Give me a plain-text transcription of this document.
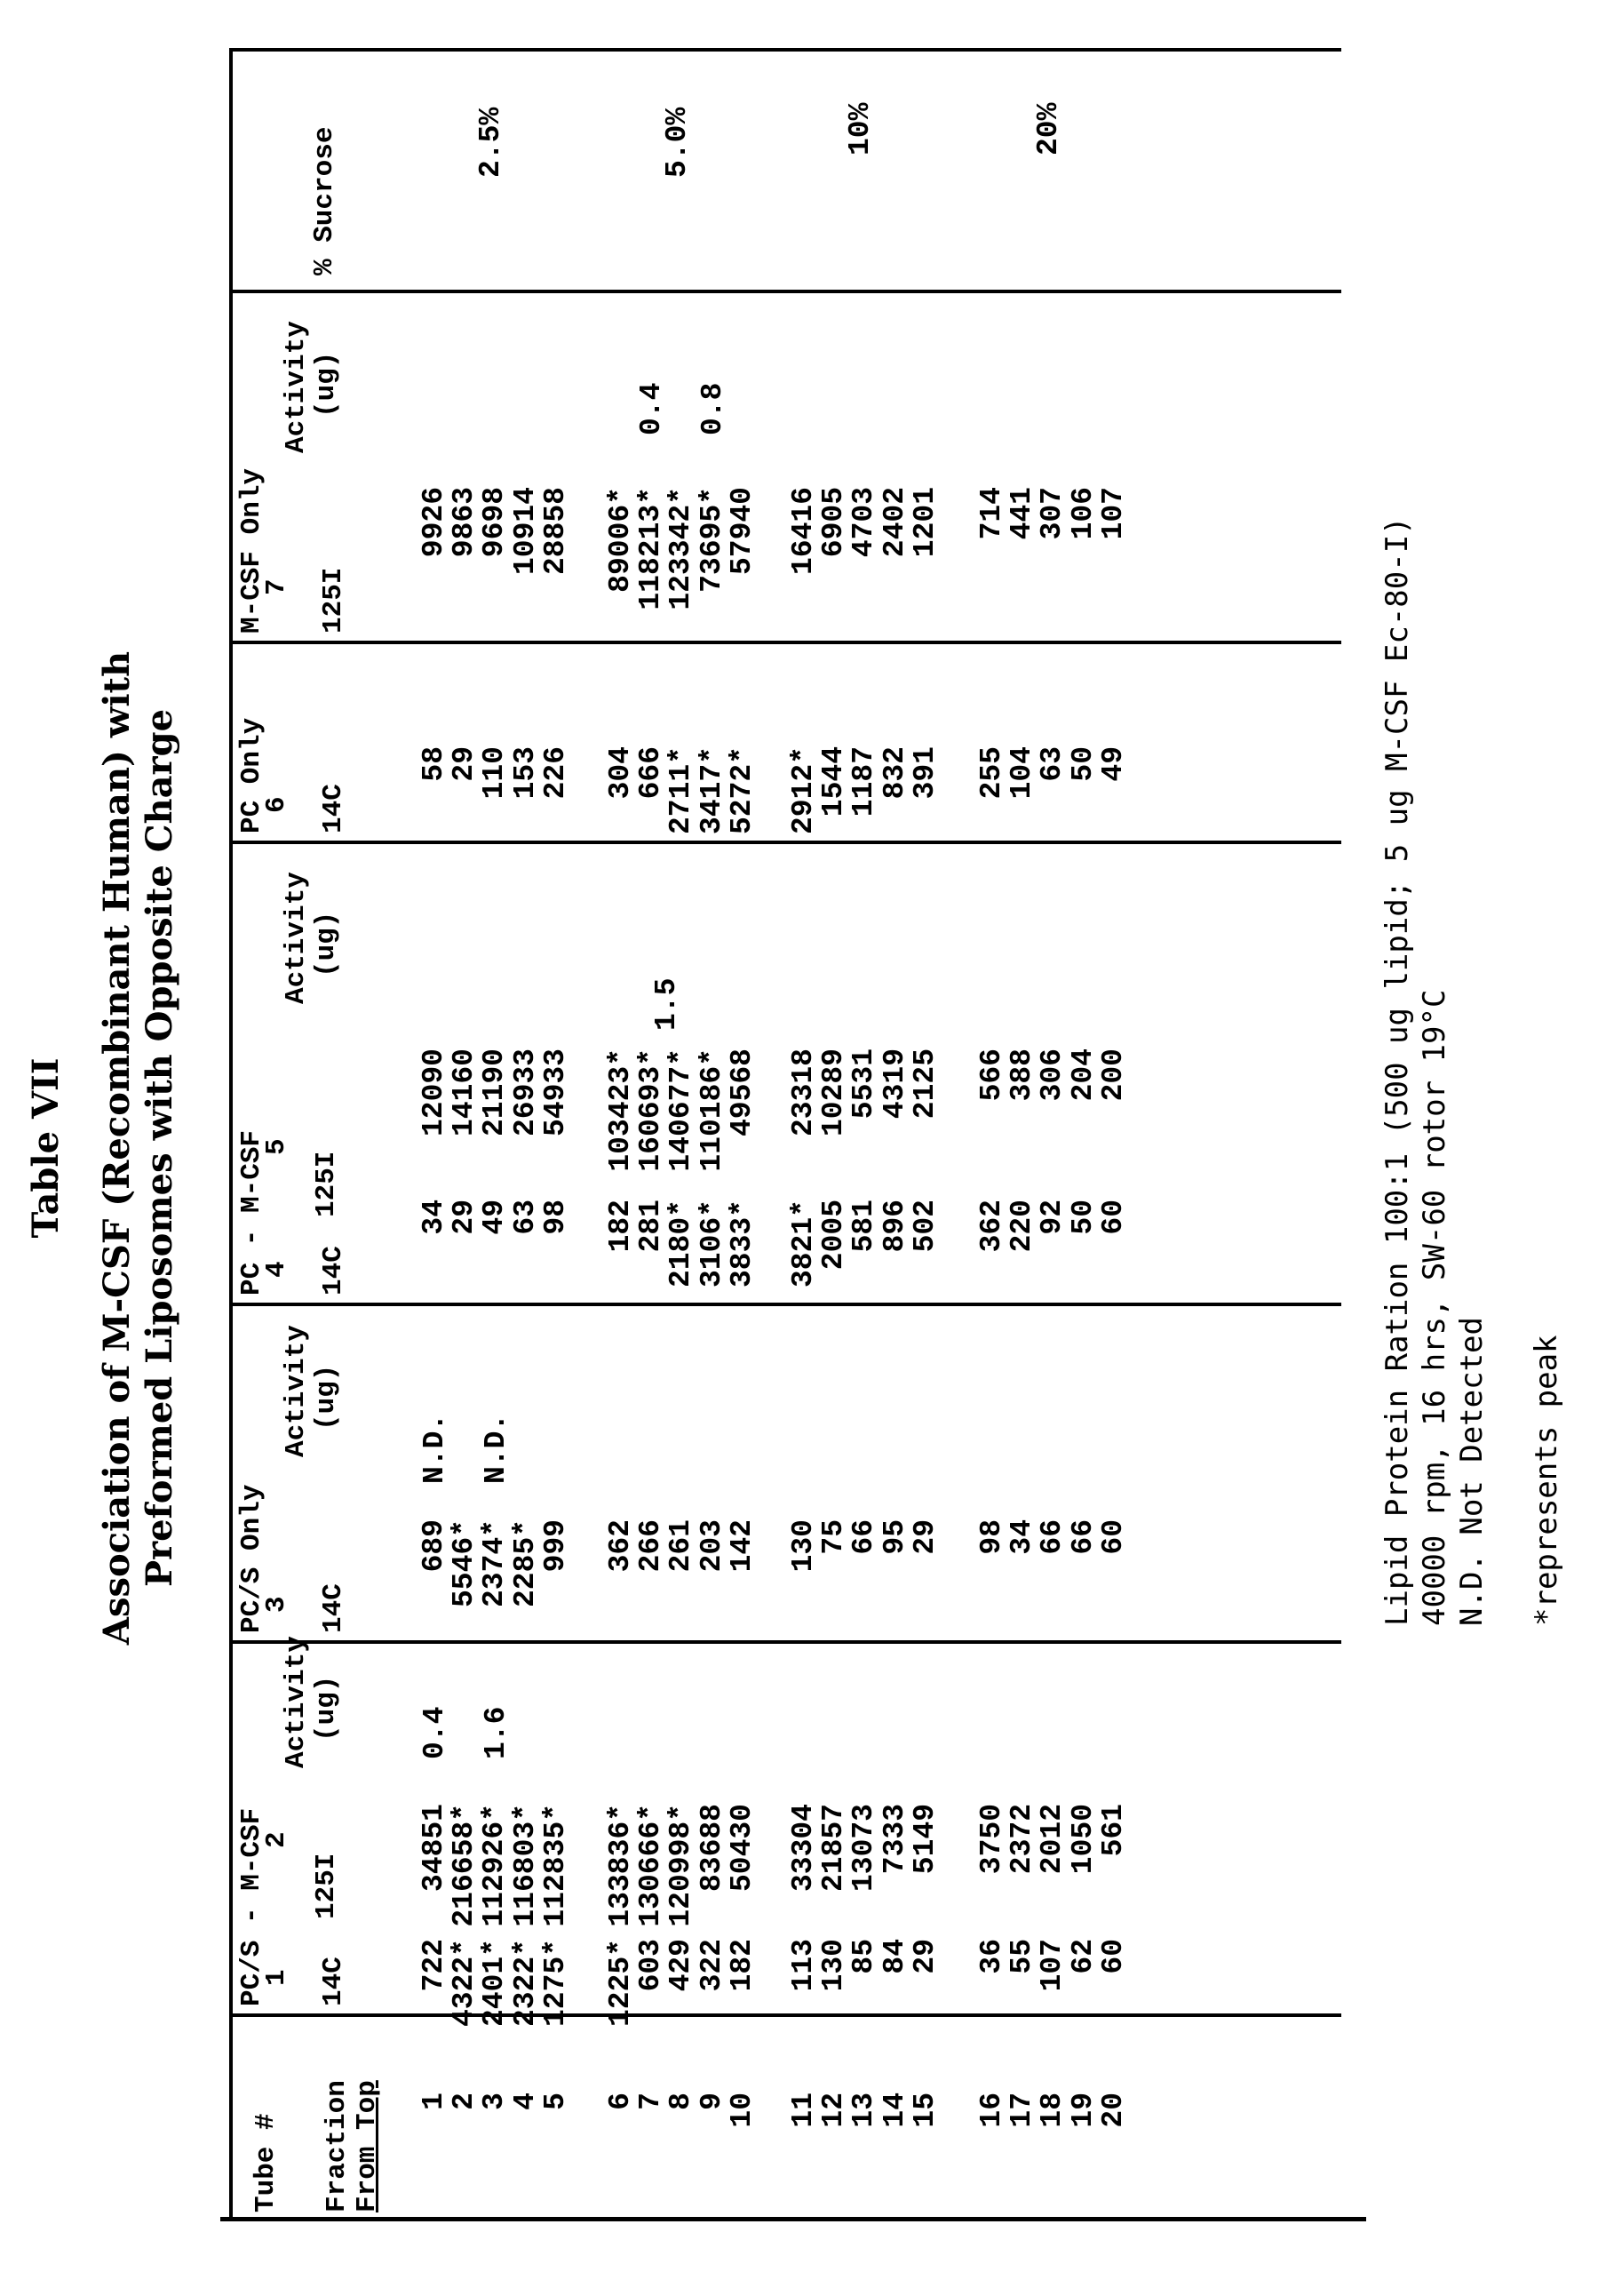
Table VII Association of M-CSF (Recombinant Human) with Preformed Liposomes with Opposite Charge
Tube # Fraction From Top
PC/S - M-CSF
1
2
Activity (ug)
14C
125I
PC/S Only
3
Activity (ug)
14C
PC - M-CSF
4
5
Activity (ug)
14C
125I
PC Only
6 14C
M-CSF Only
7
Activity (ug)
125I
% Sucrose
1
722
34851
689
34
12090
58
9926
2
4322*
216658*
5546*
29
14160
29
9863
3
2401*
112926*
2374*
49
21190
110
9698
4
2322*
116803*
2285*
63
26933
153
10914
5
1275*
112835*
999
98
54933
226
28858
0.4 1.6
N.D. N.D.
2.5%
6
1225*
133836*
362
182
103423*
304
89006*
7
603
130666*
266
281
160693*
666
118213*
8
429
120998*
261
2180*
140677*
2711*
123342*
9
322
83688
203
3106*
110186*
3417*
73695*
10
182
50430
142
3833*
49568
5272*
57940
1.5
0.4 0.8
5.0%
11
113
33304
130
3821*
23318
2912*
16416
12
130
21857
75
2005
10289
1544
6905
13
85
13073
66
581
5531
1187
4703
14
84
7333
95
896
4319
832
2402
15
29
5149
29
502
2125
391
1201
10%
16
36
3750
98
362
566
255
714
17
55
2372
34
220
388
104
441
18
107
2012
66
92
306
63
307
19
62
1050
66
50
204
50
106
20
60
561
60
60
200
49
107
20%
Lipid Protein Ration 100:1 (500 ug lipid; 5 ug M-CSF Ec-80-I) 40000 rpm, 16 hrs, SW-60 rotor 19°C N.D. Not Detected *represents peak
